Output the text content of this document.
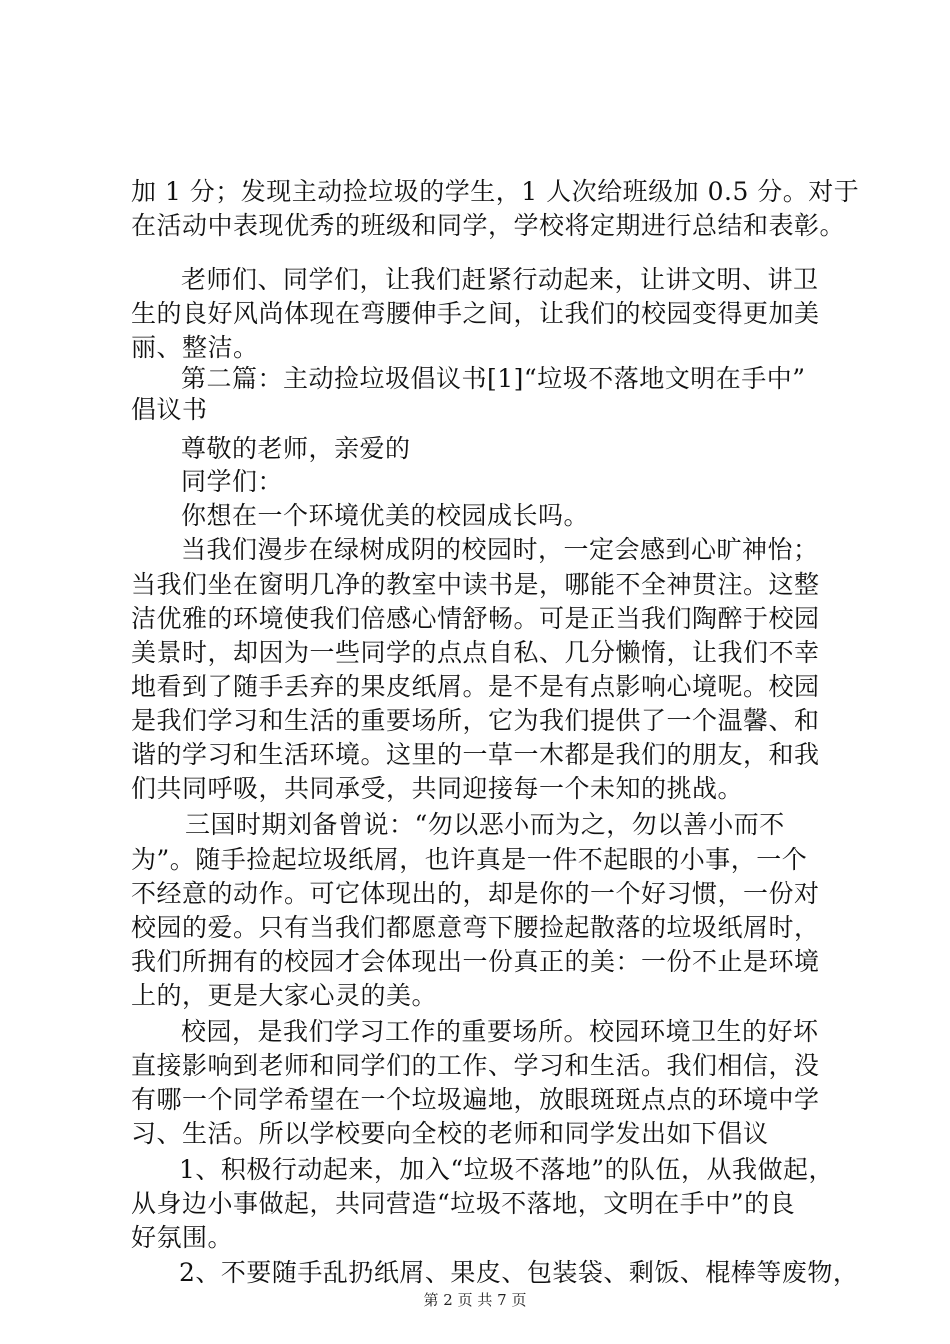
加 1 分；发现主动捡垃圾的学生，1 人次给班级加 0.5 分。对于
在活动中表现优秀的班级和同学，学校将定期进行总结和表彰。
老师们、同学们，让我们赶紧行动起来，让讲文明、讲卫
生的良好风尚体现在弯腰伸手之间，让我们的校园变得更加美
丽、整洁。
第二篇：主动捡垃圾倡议书[1]“垃圾不落地文明在手中”
倡议书
尊敬的老师，亲爱的
同学们：
你想在一个环境优美的校园成长吗。
当我们漫步在绿树成阴的校园时，一定会感到心旷神怡；
当我们坐在窗明几净的教室中读书是，哪能不全神贯注。这整
洁优雅的环境使我们倍感心情舒畅。可是正当我们陶醉于校园
美景时，却因为一些同学的点点自私、几分懒惰，让我们不幸
地看到了随手丢弃的果皮纸屑。是不是有点影响心境呢。校园
是我们学习和生活的重要场所，它为我们提供了一个温馨、和
谐的学习和生活环境。这里的一草一木都是我们的朋友，和我
们共同呼吸，共同承受，共同迎接每一个未知的挑战。
三国时期刘备曾说：“勿以恶小而为之，勿以善小而不
为”。随手捡起垃圾纸屑，也许真是一件不起眼的小事，一个
不经意的动作。可它体现出的，却是你的一个好习惯，一份对
校园的爱。只有当我们都愿意弯下腰捡起散落的垃圾纸屑时，
我们所拥有的校园才会体现出一份真正的美：一份不止是环境
上的，更是大家心灵的美。
校园，是我们学习工作的重要场所。校园环境卫生的好坏
直接影响到老师和同学们的工作、学习和生活。我们相信，没
有哪一个同学希望在一个垃圾遍地，放眼斑斑点点的环境中学
习、生活。所以学校要向全校的老师和同学发出如下倡议
1、积极行动起来，加入“垃圾不落地”的队伍，从我做起，
从身边小事做起，共同营造“垃圾不落地，文明在手中”的良
好氛围。
2、不要随手乱扔纸屑、果皮、包装袋、剩饭、棍棒等废物，
第 2 页 共 7 页
